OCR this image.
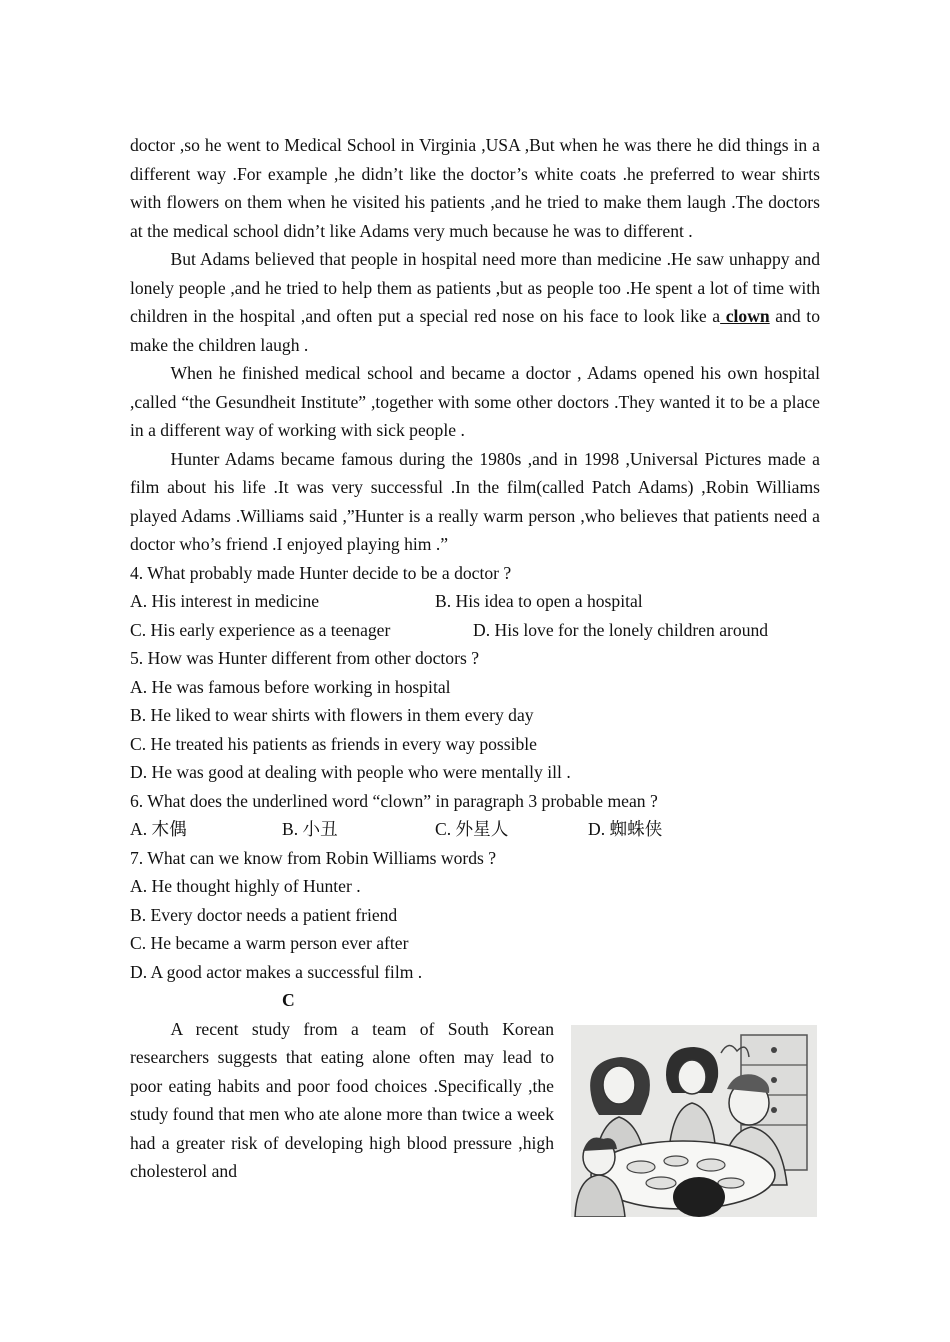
doctor ,so he went to Medical School in Virginia ,USA ,But when he was there he did things in a different way .For example ,he didn’t like the doctor’s white coats .he preferred to wear shirts with flowers on them when he visited his patients ,and he tried to make them laugh .The doctors at the medical school didn’t like Adams very much because he was to different .

But Adams believed that people in hospital need more than medicine .He saw unhappy and lonely people ,and he tried to help them as patients ,but as people too .He spent a lot of time with children in the hospital ,and often put a special red nose on his face to look like a clown and to make the children laugh .

When he finished medical school and became a doctor , Adams opened his own hospital ,called “the Gesundheit Institute” ,together with some other doctors .They wanted it to be a place in a different way of working with sick people .

Hunter Adams became famous during the 1980s ,and in 1998 ,Universal Pictures made a film about his life .It was very successful .In the film(called Patch Adams) ,Robin Williams played Adams .Williams said ,”Hunter is a really warm person ,who believes that patients need a doctor who’s friend .I enjoyed playing him .”

4. What probably made Hunter decide to be a doctor ?

A. His interest in medicine	B. His idea to open a hospital
C. His early experience as a teenager	D. His love for the lonely children around

5. How was Hunter different from other doctors ?

A. He was famous before working in hospital

B. He liked to wear shirts with flowers in them every day

C. He treated his patients as friends in every way possible

D. He was good at dealing with people who were mentally ill .

6. What does the underlined word “clown” in paragraph 3 probable mean ?

A. 木偶	B. 小丑	C. 外星人	D. 蜘蛛侠

7. What can we know from Robin Williams words ?

A. He thought highly of Hunter .

B. Every doctor needs a patient friend

C. He became a warm person ever after

D. A good actor makes a successful film .

C

A recent study from a team of South Korean researchers suggests that eating alone often may lead to poor eating habits and poor food choices .Specifically ,the study found that men who ate alone more than twice a week had a greater risk of developing high blood pressure ,high cholesterol and
